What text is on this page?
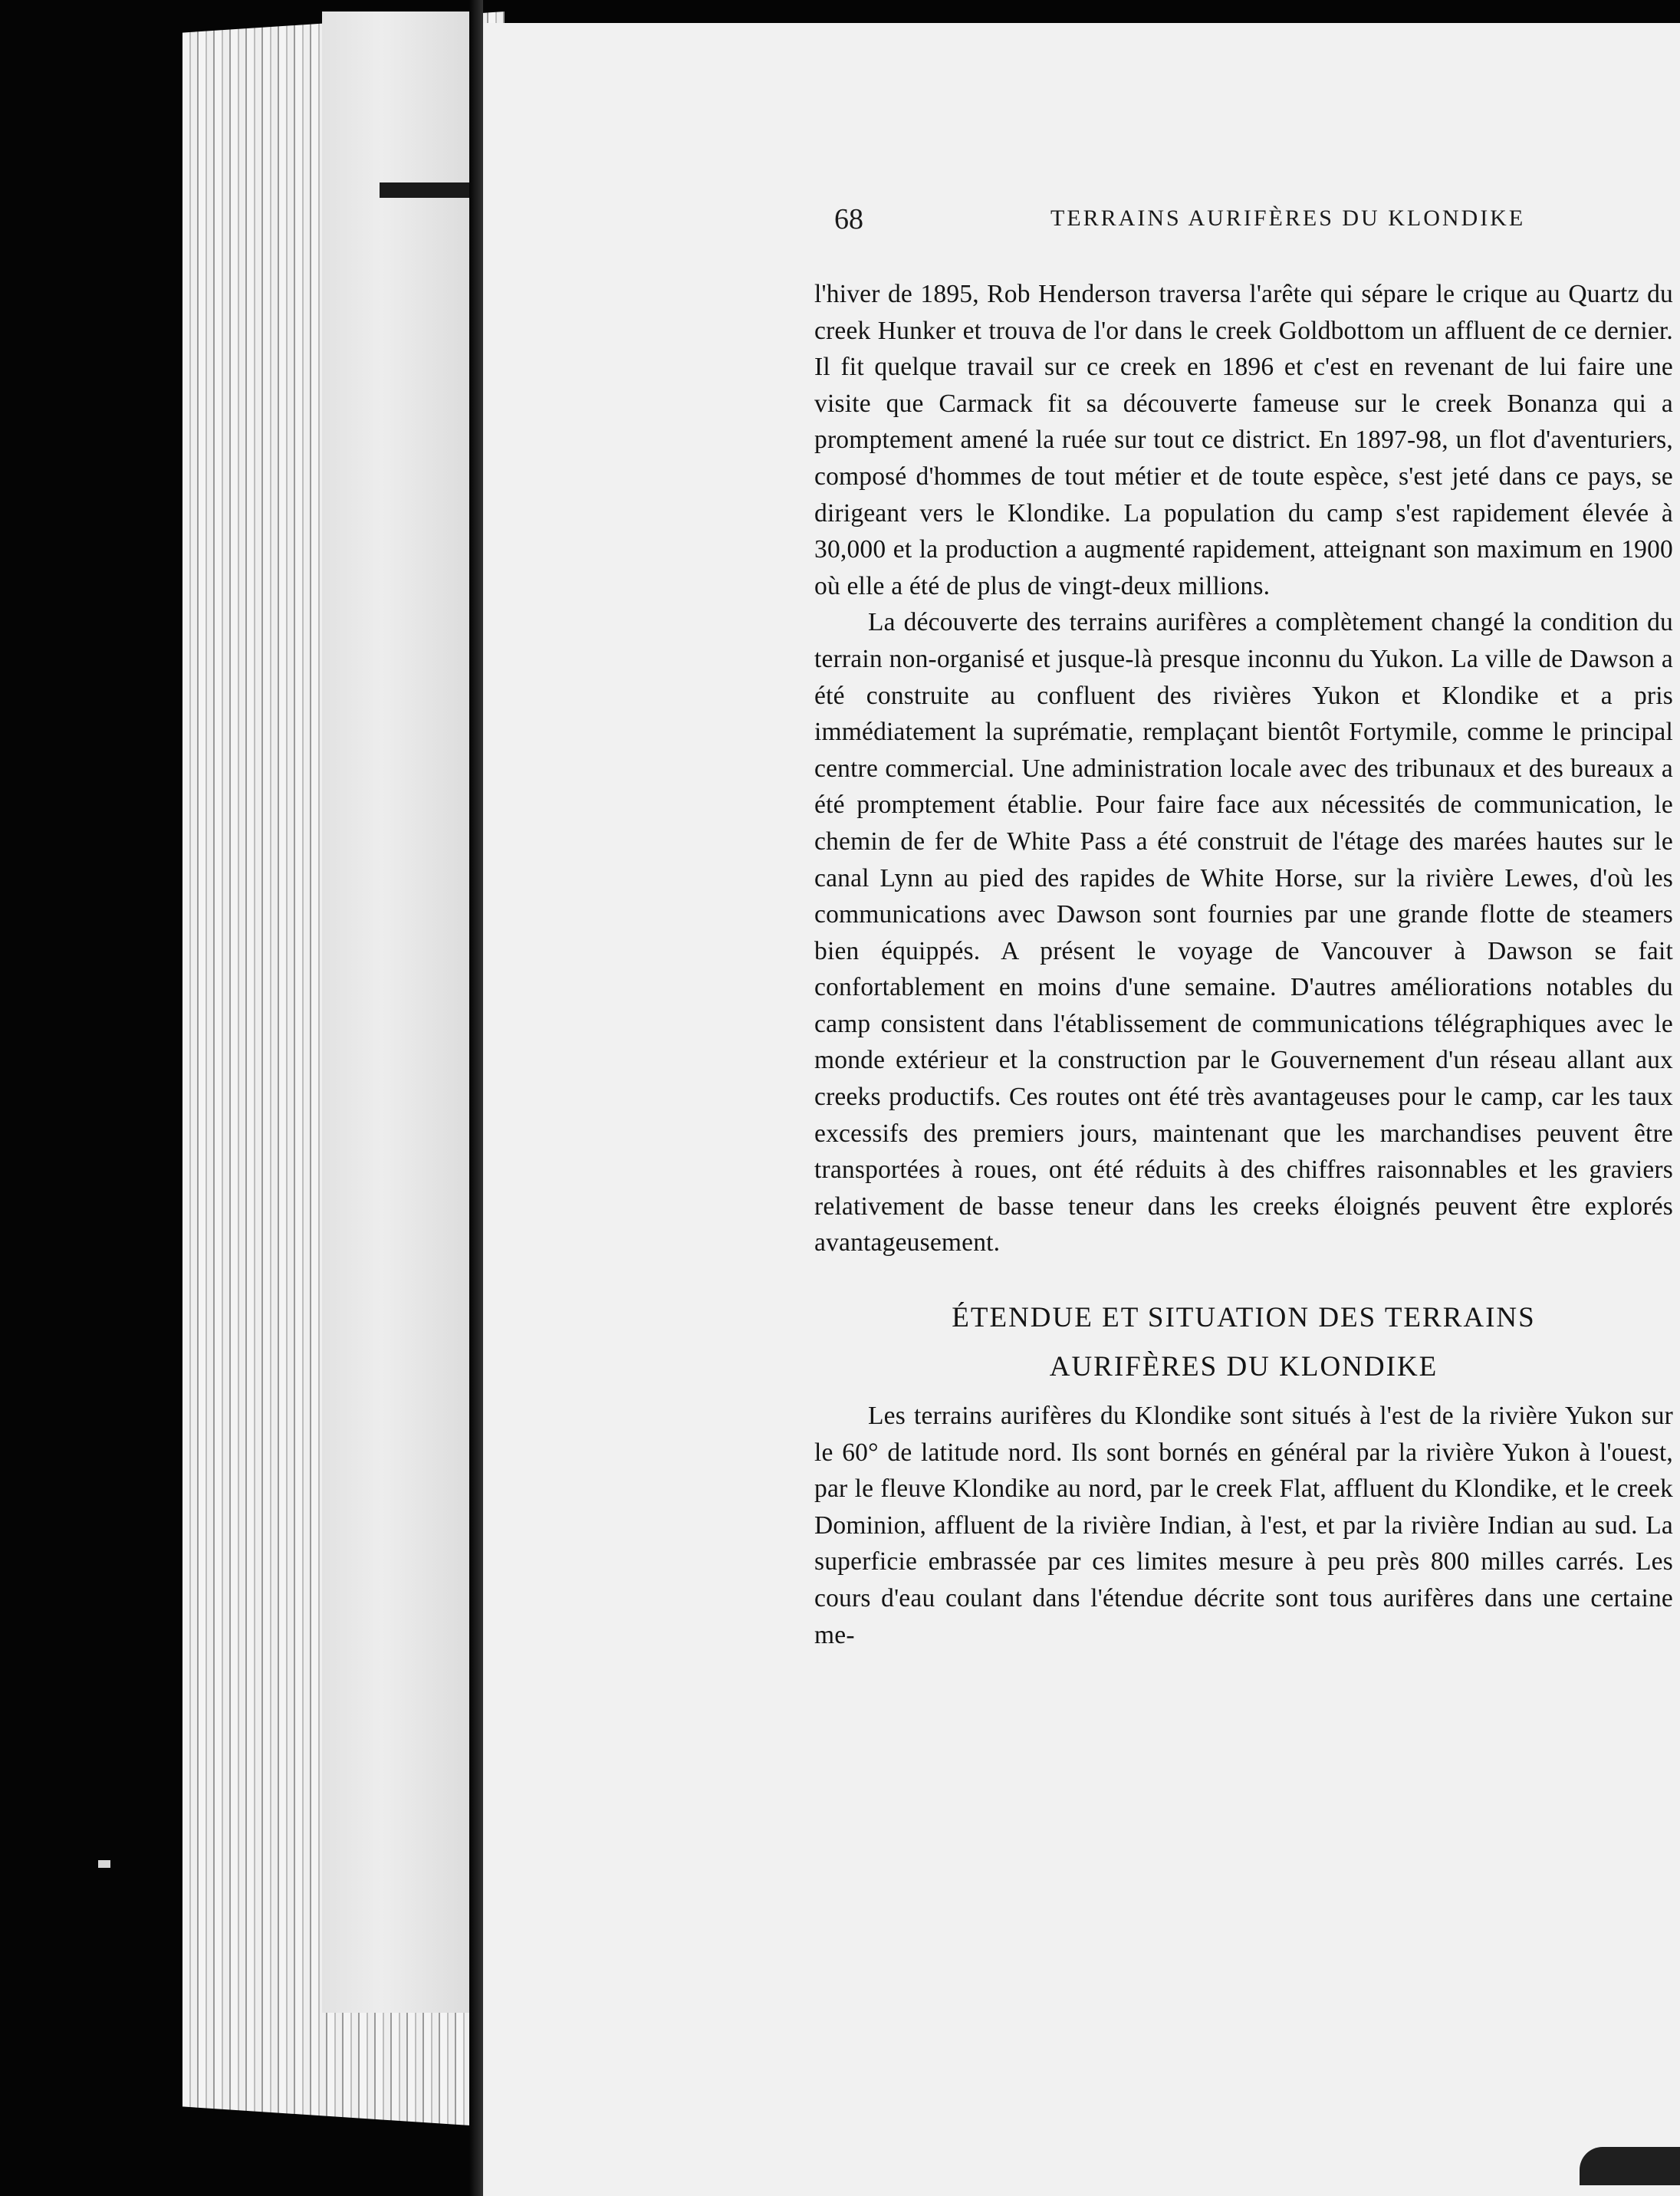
68	TERRAINS AURIFÈRES DU KLONDIKE

l'hiver de 1895, Rob Henderson traversa l'arête qui sépare le crique au Quartz du creek Hunker et trouva de l'or dans le creek Goldbottom un affluent de ce dernier. Il fit quelque travail sur ce creek en 1896 et c'est en revenant de lui faire une visite que Carmack fit sa découverte fameuse sur le creek Bonanza qui a promptement amené la ruée sur tout ce district. En 1897-98, un flot d'aventuriers, composé d'hommes de tout métier et de toute espèce, s'est jeté dans ce pays, se dirigeant vers le Klondike. La population du camp s'est rapidement élevée à 30,000 et la production a augmenté rapidement, atteignant son maximum en 1900 où elle a été de plus de vingt-deux millions.

La découverte des terrains aurifères a complètement changé la condition du terrain non-organisé et jusque-là presque inconnu du Yukon. La ville de Dawson a été construite au confluent des rivières Yukon et Klondike et a pris immédiatement la suprématie, remplaçant bientôt Fortymile, comme le principal centre commercial. Une administration locale avec des tribunaux et des bureaux a été promptement établie. Pour faire face aux nécessités de communication, le chemin de fer de White Pass a été construit de l'étage des marées hautes sur le canal Lynn au pied des rapides de White Horse, sur la rivière Lewes, d'où les communications avec Dawson sont fournies par une grande flotte de steamers bien équippés. A présent le voyage de Vancouver à Dawson se fait confortablement en moins d'une semaine. D'autres améliorations notables du camp consistent dans l'établissement de communications télégraphiques avec le monde extérieur et la construction par le Gouvernement d'un réseau allant aux creeks productifs. Ces routes ont été très avantageuses pour le camp, car les taux excessifs des premiers jours, maintenant que les marchandises peuvent être transportées à roues, ont été réduits à des chiffres raisonnables et les graviers relativement de basse teneur dans les creeks éloignés peuvent être explorés avantageusement.

ÉTENDUE ET SITUATION DES TERRAINS
AURIFÈRES DU KLONDIKE

Les terrains aurifères du Klondike sont situés à l'est de la rivière Yukon sur le 60° de latitude nord. Ils sont bornés en général par la rivière Yukon à l'ouest, par le fleuve Klondike au nord, par le creek Flat, affluent du Klondike, et le creek Dominion, affluent de la rivière Indian, à l'est, et par la rivière Indian au sud. La superficie embrassée par ces limites mesure à peu près 800 milles carrés. Les cours d'eau coulant dans l'étendue décrite sont tous aurifères dans une certaine me-
